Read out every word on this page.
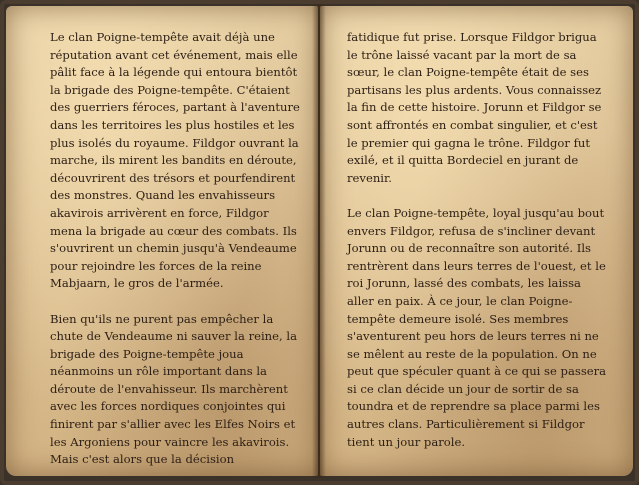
Le clan Poigne-tempête avait déjà une réputation avant cet événement, mais elle pâlit face à la légende qui entoura bientôt la brigade des Poigne-tempête. C'étaient des guerriers féroces, partant à l'aventure dans les territoires les plus hostiles et les plus isolés du royaume. Fildgor ouvrant la marche, ils mirent les bandits en déroute, découvrirent des trésors et pourfendirent des monstres. Quand les envahisseurs akavirois arrivèrent en force, Fildgor mena la brigade au cœur des combats. Ils s'ouvrirent un chemin jusqu'à Vendeaume pour rejoindre les forces de la reine Mabjaarn, le gros de l'armée.

Bien qu'ils ne purent pas empêcher la chute de Vendeaume ni sauver la reine, la brigade des Poigne-tempête joua néanmoins un rôle important dans la déroute de l'envahisseur. Ils marchèrent avec les forces nordiques conjointes qui finirent par s'allier avec les Elfes Noirs et les Argoniens pour vaincre les akavirois. Mais c'est alors que la décision

fatidique fut prise. Lorsque Fildgor brigua le trône laissé vacant par la mort de sa sœur, le clan Poigne-tempête était de ses partisans les plus ardents. Vous connaissez la fin de cette histoire. Jorunn et Fildgor se sont affrontés en combat singulier, et c'est le premier qui gagna le trône. Fildgor fut exilé, et il quitta Bordeciel en jurant de revenir.

Le clan Poigne-tempête, loyal jusqu'au bout envers Fildgor, refusa de s'incliner devant Jorunn ou de reconnaître son autorité. Ils rentrèrent dans leurs terres de l'ouest, et le roi Jorunn, lassé des combats, les laissa aller en paix. À ce jour, le clan Poigne-tempête demeure isolé. Ses membres s'aventurent peu hors de leurs terres ni ne se mêlent au reste de la population. On ne peut que spéculer quant à ce qui se passera si ce clan décide un jour de sortir de sa toundra et de reprendre sa place parmi les autres clans. Particulièrement si Fildgor tient un jour parole.
